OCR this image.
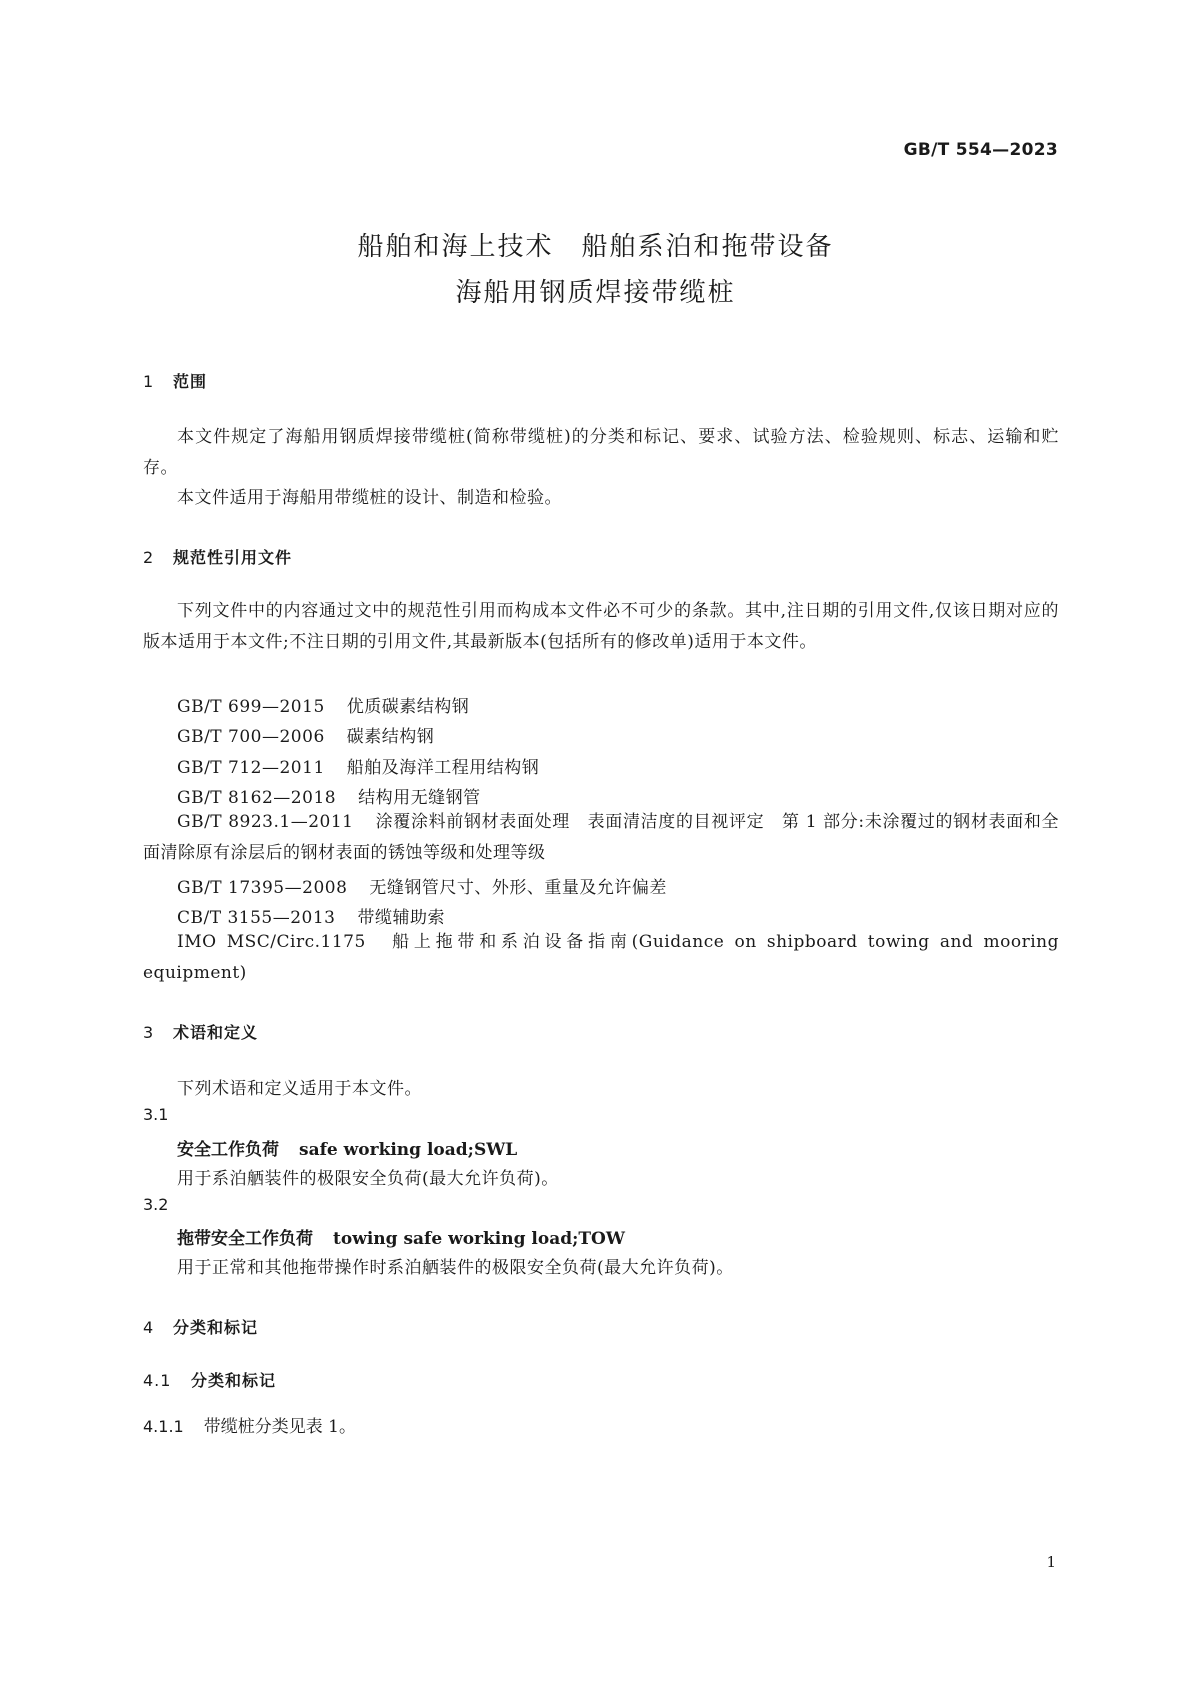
GB/T 554—2023
船舶和海上技术　船舶系泊和拖带设备
海船用钢质焊接带缆桩
1 范围
本文件规定了海船用钢质焊接带缆桩(简称带缆桩)的分类和标记、要求、试验方法、检验规则、标志、运输和贮存。
本文件适用于海船用带缆桩的设计、制造和检验。
2 规范性引用文件
下列文件中的内容通过文中的规范性引用而构成本文件必不可少的条款。其中,注日期的引用文件,仅该日期对应的版本适用于本文件;不注日期的引用文件,其最新版本(包括所有的修改单)适用于本文件。
GB/T 699—2015 优质碳素结构钢
GB/T 700—2006 碳素结构钢
GB/T 712—2011 船舶及海洋工程用结构钢
GB/T 8162—2018 结构用无缝钢管
GB/T 8923.1—2011 涂覆涂料前钢材表面处理　表面清洁度的目视评定　第 1 部分:未涂覆过的钢材表面和全面清除原有涂层后的钢材表面的锈蚀等级和处理等级
GB/T 17395—2008 无缝钢管尺寸、外形、重量及允许偏差
CB/T 3155—2013 带缆辅助索
IMO MSC/Circ.1175 船上拖带和系泊设备指南(Guidance on shipboard towing and mooring equipment)
3 术语和定义
下列术语和定义适用于本文件。
3.1
安全工作负荷 safe working load;SWL
用于系泊舾装件的极限安全负荷(最大允许负荷)。
3.2
拖带安全工作负荷 towing safe working load;TOW
用于正常和其他拖带操作时系泊舾装件的极限安全负荷(最大允许负荷)。
4 分类和标记
4.1 分类和标记
4.1.1 带缆桩分类见表 1。
1
